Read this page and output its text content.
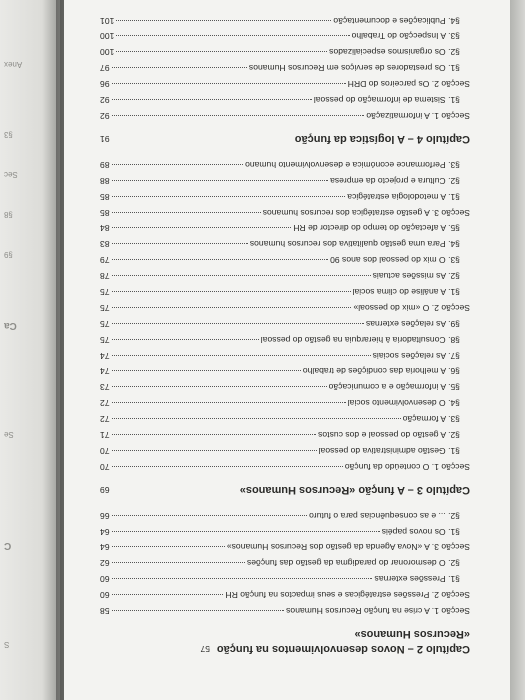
Anex
Sec
Ca
Se
C
S
§3
§8
§9
Capítulo 2 – Novos desenvolvimentos na função «Recursos Humanos»
57
Secção 1. A crise na função Recursos Humanos
58
Secção 2. Pressões estratégicas e seus impactos na função RH
60
§1. Pressões externas
60
§2. O desmoronar do paradigma da gestão das funções
62
Secção 3. A «Nova Agenda da gestão dos Recursos Humanos»
64
§1. Os novos papéis
64
§2. ... e as consequências para o futuro
66
Capítulo 3 – A função «Recursos Humanos»
69
Secção 1. O conteúdo da função
70
§1. Gestão administrativa do pessoal
70
§2. A gestão do pessoal e dos custos
71
§3. A formação
72
§4. O desenvolvimento social
72
§5. A informação e a comunicação
73
§6. A melhoria das condições de trabalho
74
§7. As relações sociais
74
§8. Consultadoria à hierarquia na gestão do pessoal
75
§9. As relações externas
75
Secção 2. O «mix do pessoal»
75
§1. A análise do clima social
75
§2. As missões actuais
78
§3. O mix do pessoal dos anos 90
79
§4. Para uma gestão qualitativa dos recursos humanos
83
§5. A afectação do tempo do director de RH
84
Secção 3. A gestão estratégica dos recursos humanos
85
§1. A metodologia estratégica
85
§2. Cultura e projecto da empresa
88
§3. Performance económica e desenvolvimento humano
89
Capítulo 4 – A logística da função
91
Secção 1. A informatização
92
§1. Sistema de informação do pessoal
92
Secção 2. Os parceiros do DRH
96
§1. Os prestadores de serviços em Recursos Humanos
97
§2. Os organismos especializados
100
§3. A Inspecção do Trabalho
100
§4. Publicações e documentação
101
